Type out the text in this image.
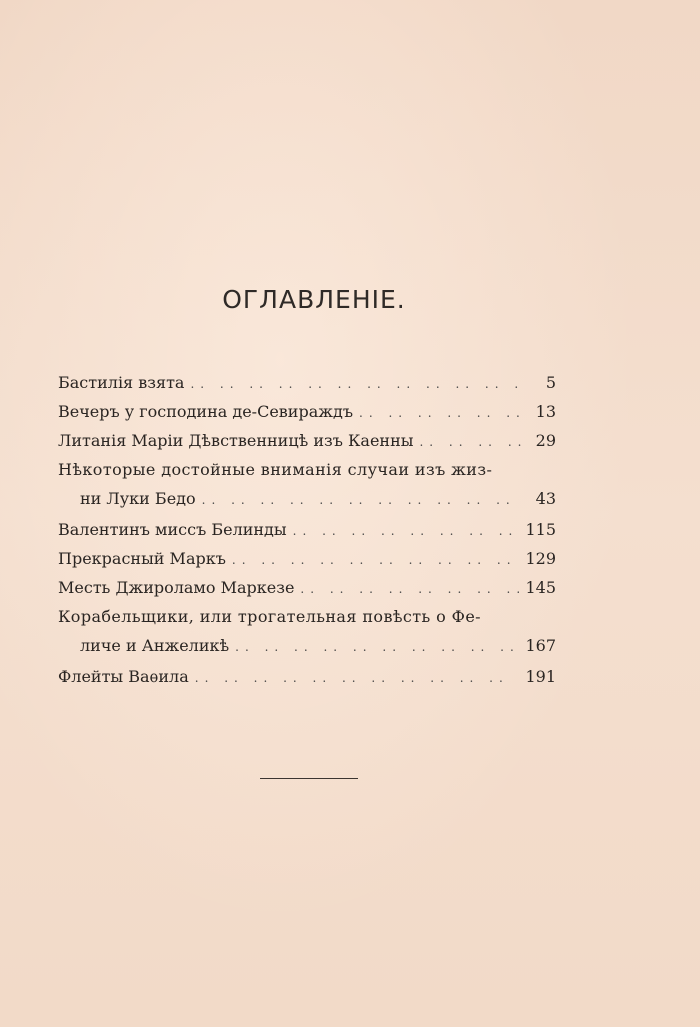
ОГЛАВЛЕНІЕ.
Бастилія взята .. ..	5
Вечеръ у господина де-Севираждъ .. ..	13
Литанія Маріи Дѣвственницѣ изъ Каенны .. ..	29
Нѣкоторые достойные вниманія случаи изъ жиз-
ни Луки Бедо .. ..	43
Валентинъ миссъ Белинды .. ..	115
Прекрасный Маркъ .. ..	129
Месть Джироламо Маркезе .. ..	145
Корабельщики, или трогательная повѣсть о Фе-
личе и Анжеликѣ .. ..	167
Флейты Ваѳила .. ..	191
